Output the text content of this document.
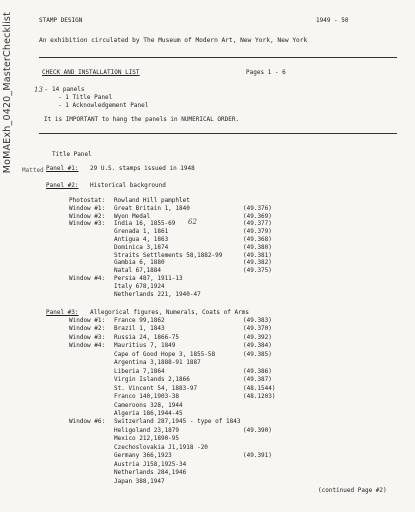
MoMAExh_0420_MasterChecklist	STAMP DESIGN	1949 - 50
An exhibition circulated by The Museum of Modern Art, New York, New York
CHECK AND INSTALLATION LIST	Pages 1 - 6
13 - 14 panels
- 1 Title Panel
- 1 Acknowledgement Panel
It is IMPORTANT to hang the panels in NUMERICAL ORDER.
Title Panel
Matted Panel #1: 29 U.S. stamps issued in 1948
Panel #2: Historical background
Photostat: Rowland Hill pamphlet
Window #1: Great Britain 1, 1840	(49.376)
Window #2: Wyon Medal	(49.369)
Window #3: India 16, 1855-69	(49.377)
Grenada 1, 1861	(49.379)
Antigua 4, 1863	(49.368)
Dominica 3,1874	(49.380)
Straits Settlements 58,1882-99	(49.381)
Gambia 6, 1880	(49.382)
Natal 67,1884	(49.375)
Window #4: Persia 487, 1911-13
Italy 678,1924
Netherlands 221, 1940-47
62
Panel #3: Allegorical figures, Numerals, Coats of Arms
Window #1: France 99,1862	(49.383)
Window #2: Brazil 1, 1843	(49.370)
Window #3: Russia 24, 1866-75	(49.392)
Window #4: Mauritius 7, 1849	(49.384)
Cape of Good Hope 3, 1855-58	(49.385)
Argentina 3,1888-91 1887
Liberia 7,1864	(49.386)
Virgin Islands 2,1866	(49.387)
St. Vincent 54, 1883-97	(48.1544)
Franco 140,1903-38	(48.1203)
Cameroons 328, 1944
Algeria 186,1944-45
Window #6: Switzerland 287,1945 - type of 1843
Heligoland 23,1879	(49.390)
Mexico 212,1890-95
Czechoslovakia J1,1918 -20
Germany 366,1923	(49.391)
Austria J158,1925-34
Netherlands 284,1946
Japan 388,1947
(continued Page #2)
